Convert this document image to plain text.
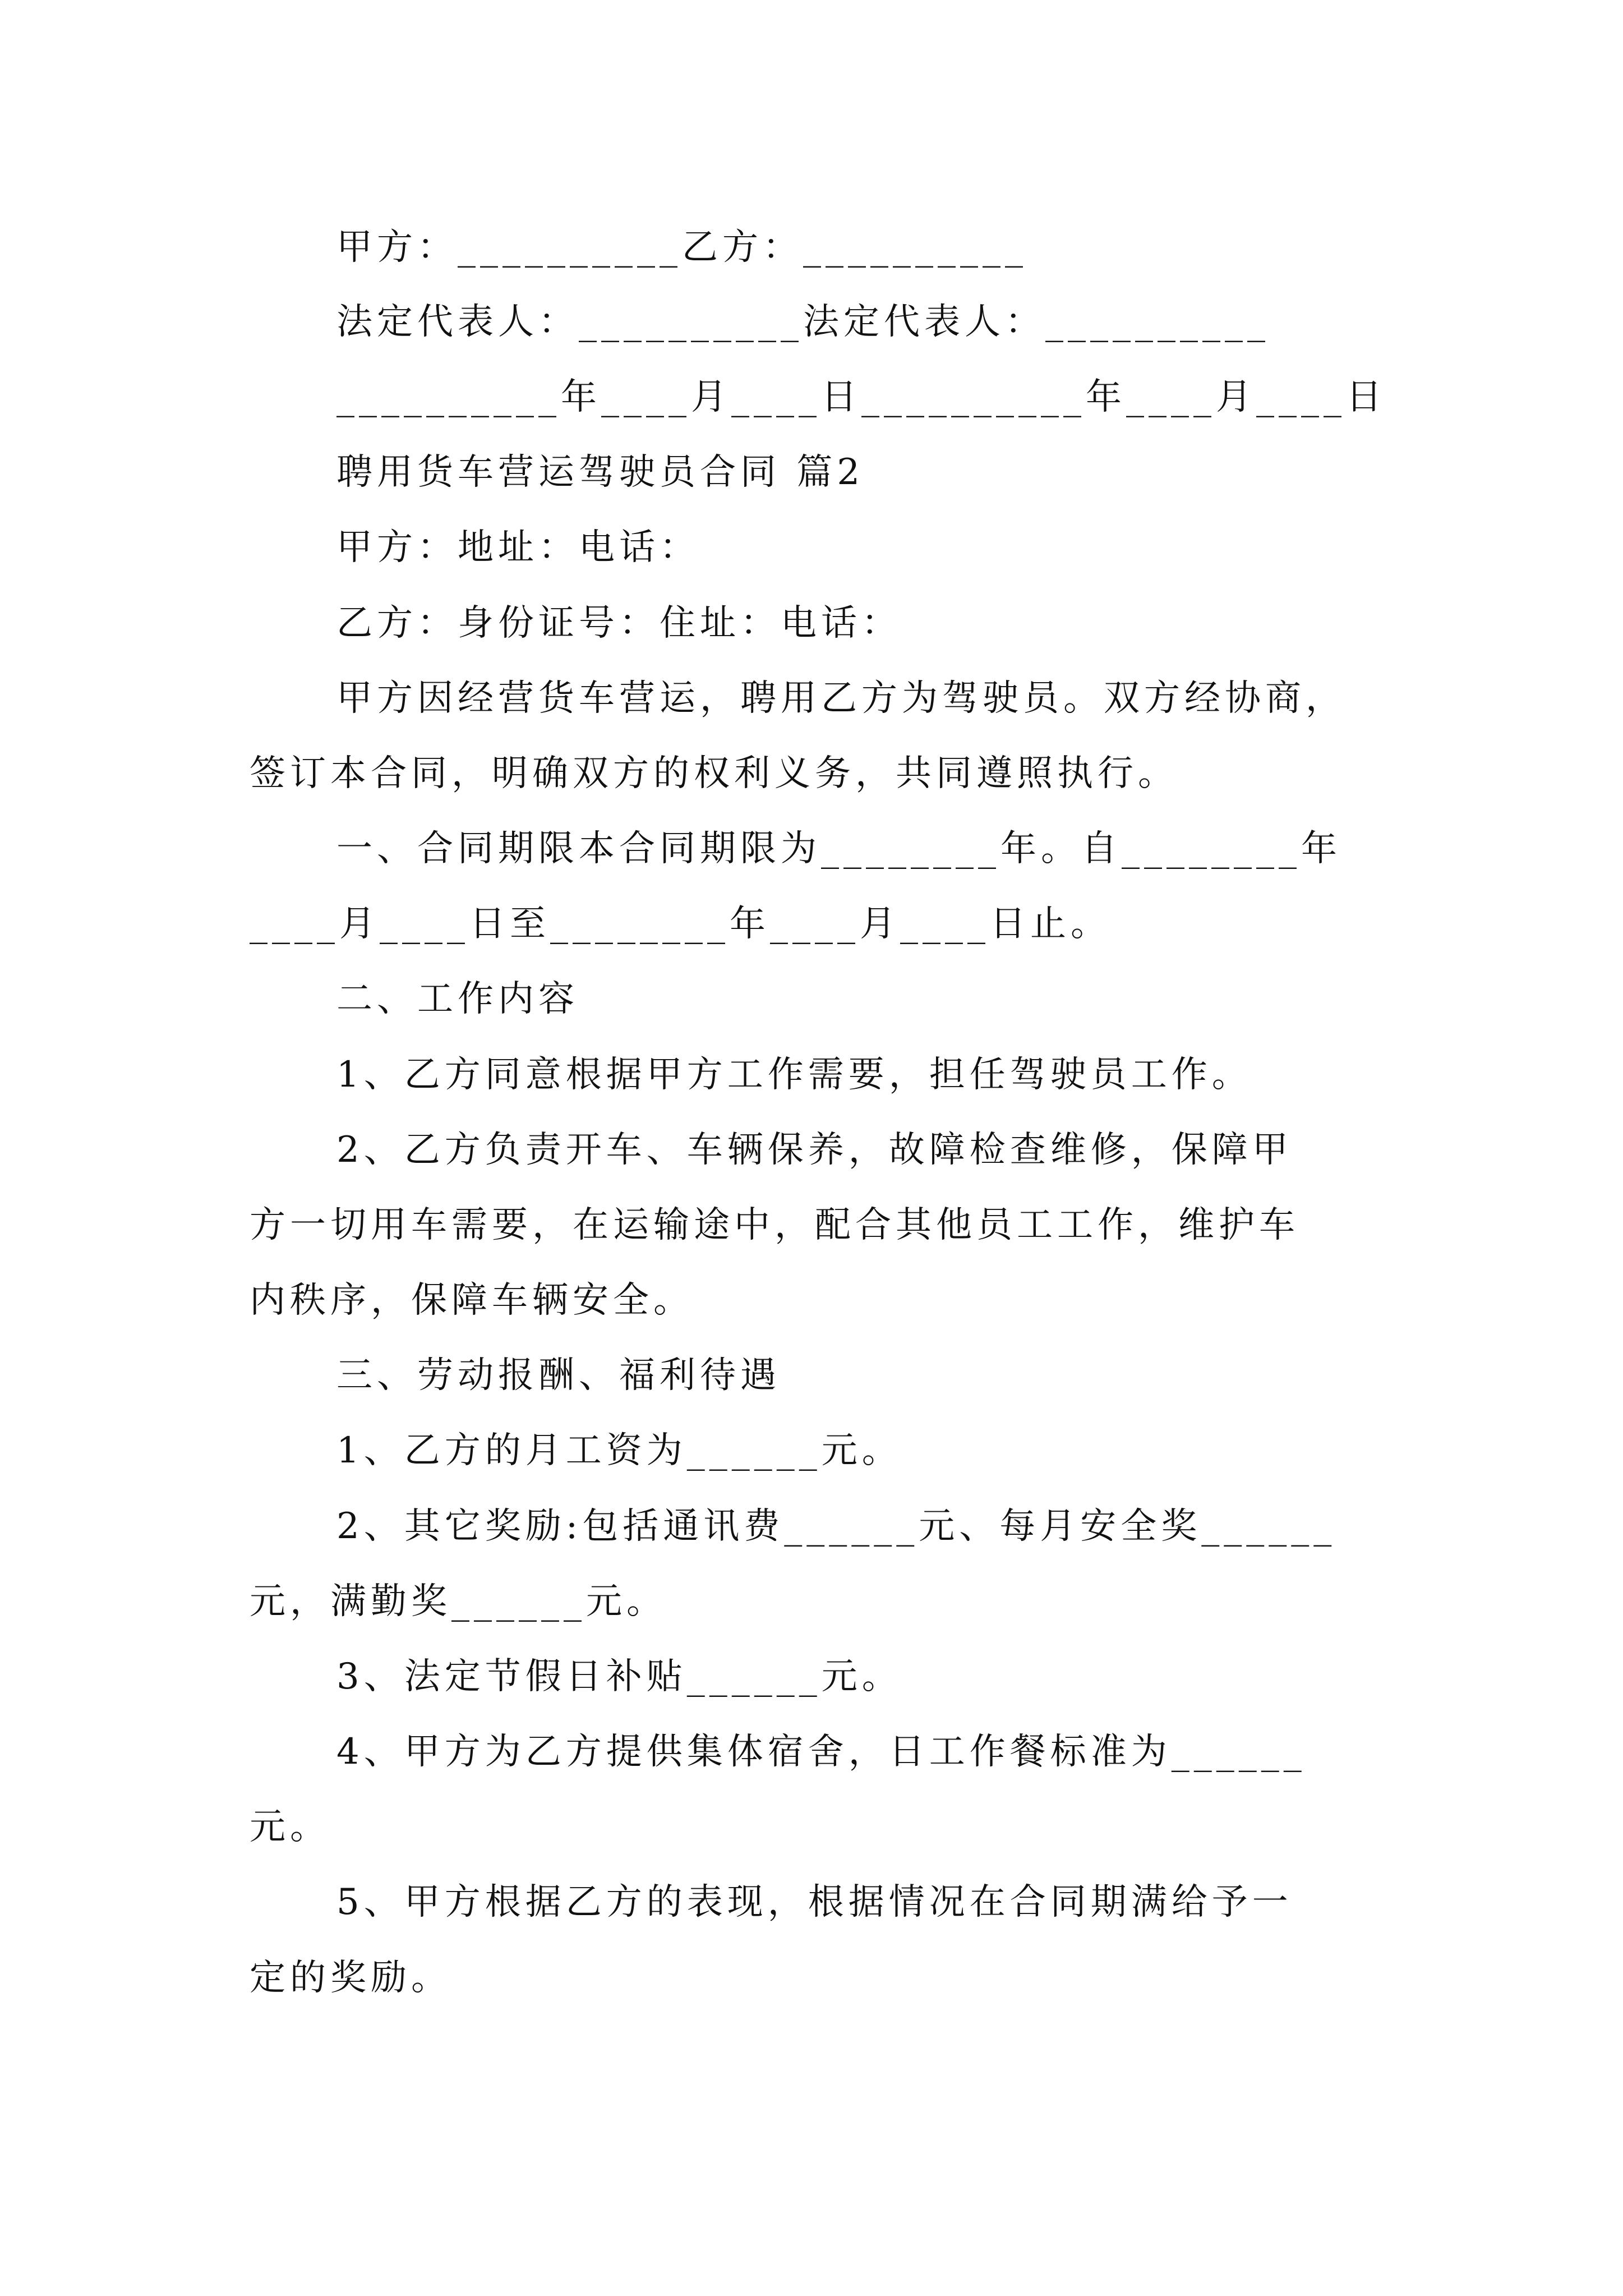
甲方：__________乙方：__________
法定代表人：__________法定代表人：__________
__________年____月____日__________年____月____日
聘用货车营运驾驶员合同 篇2
甲方：地址：电话：
乙方：身份证号：住址：电话：
甲方因经营货车营运，聘用乙方为驾驶员。双方经协商，
签订本合同，明确双方的权利义务，共同遵照执行。
一、合同期限本合同期限为________年。自________年
____月____日至________年____月____日止。
二、工作内容
1、乙方同意根据甲方工作需要，担任驾驶员工作。
2、乙方负责开车、车辆保养，故障检查维修，保障甲
方一切用车需要，在运输途中，配合其他员工工作，维护车
内秩序，保障车辆安全。
三、劳动报酬、福利待遇
1、乙方的月工资为______元。
2、其它奖励:包括通讯费______元、每月安全奖______
元，满勤奖______元。
3、法定节假日补贴______元。
4、甲方为乙方提供集体宿舍，日工作餐标准为______
元。
5、甲方根据乙方的表现，根据情况在合同期满给予一
定的奖励。
